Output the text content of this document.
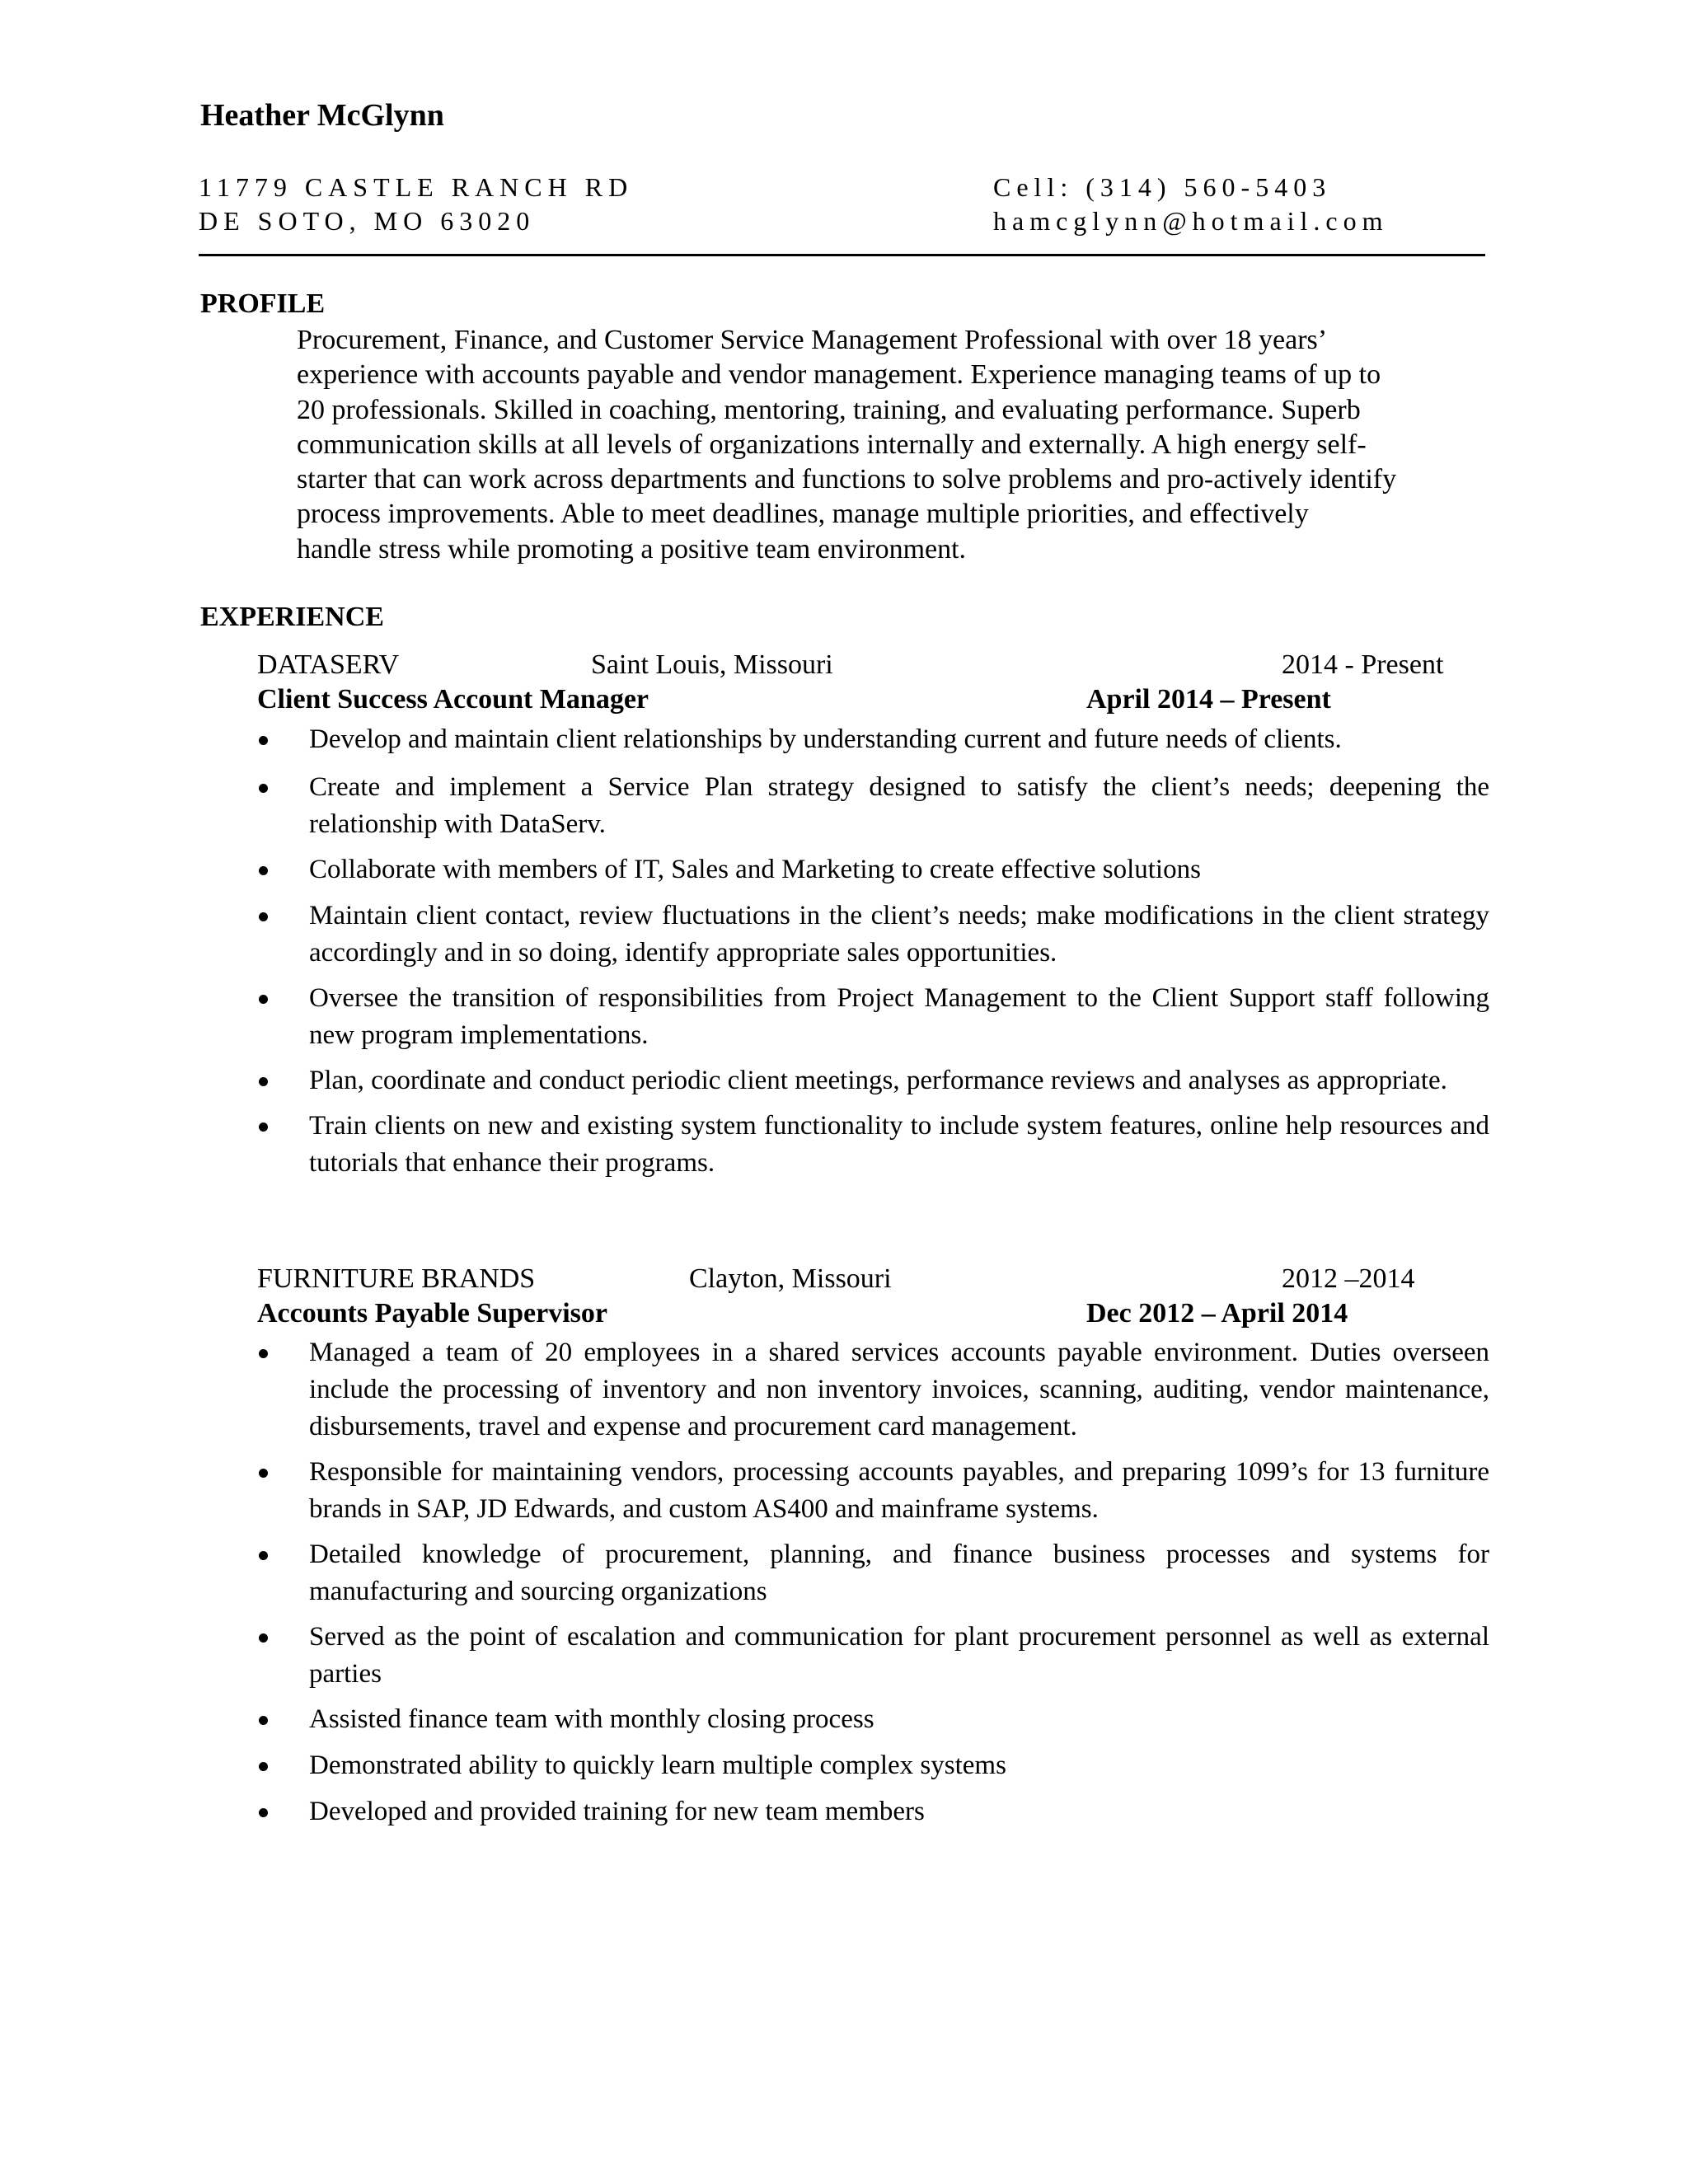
Heather McGlynn
11779 CASTLE RANCH RD
DE SOTO, MO 63020
Cell: (314) 560-5403
hamcglynn@hotmail.com
PROFILE
Procurement, Finance, and Customer Service Management Professional with over 18 years’
experience with accounts payable and vendor management. Experience managing teams of up to
20 professionals. Skilled in coaching, mentoring, training, and evaluating performance. Superb
communication skills at all levels of organizations internally and externally. A high energy self-
starter that can work across departments and functions to solve problems and pro-actively identify
process improvements. Able to meet deadlines, manage multiple priorities, and effectively
handle stress while promoting a positive team environment.
EXPERIENCE
DATASERV	Saint Louis, Missouri	2014 - Present
Client Success Account Manager	April 2014 – Present
Develop and maintain client relationships by understanding current and future needs of clients.
Create and implement a Service Plan strategy designed to satisfy the client’s needs; deepening the relationship with DataServ.
Collaborate with members of IT, Sales and Marketing to create effective solutions
Maintain client contact, review fluctuations in the client’s needs; make modifications in the client strategy accordingly and in so doing, identify appropriate sales opportunities.
Oversee the transition of responsibilities from Project Management to the Client Support staff following new program implementations.
Plan, coordinate and conduct periodic client meetings, performance reviews and analyses as appropriate.
Train clients on new and existing system functionality to include system features, online help resources and tutorials that enhance their programs.
FURNITURE BRANDS	Clayton, Missouri	2012 –2014
Accounts Payable Supervisor	Dec 2012 – April 2014
Managed a team of 20 employees in a shared services accounts payable environment. Duties overseen include the processing of inventory and non inventory invoices, scanning, auditing, vendor maintenance, disbursements, travel and expense and procurement card management.
Responsible for maintaining vendors, processing accounts payables, and preparing 1099’s for 13 furniture brands in SAP, JD Edwards, and custom AS400 and mainframe systems.
Detailed knowledge of procurement, planning, and finance business processes and systems for manufacturing and sourcing organizations
Served as the point of escalation and communication for plant procurement personnel as well as external parties
Assisted finance team with monthly closing process
Demonstrated ability to quickly learn multiple complex systems
Developed and provided training for new team members
